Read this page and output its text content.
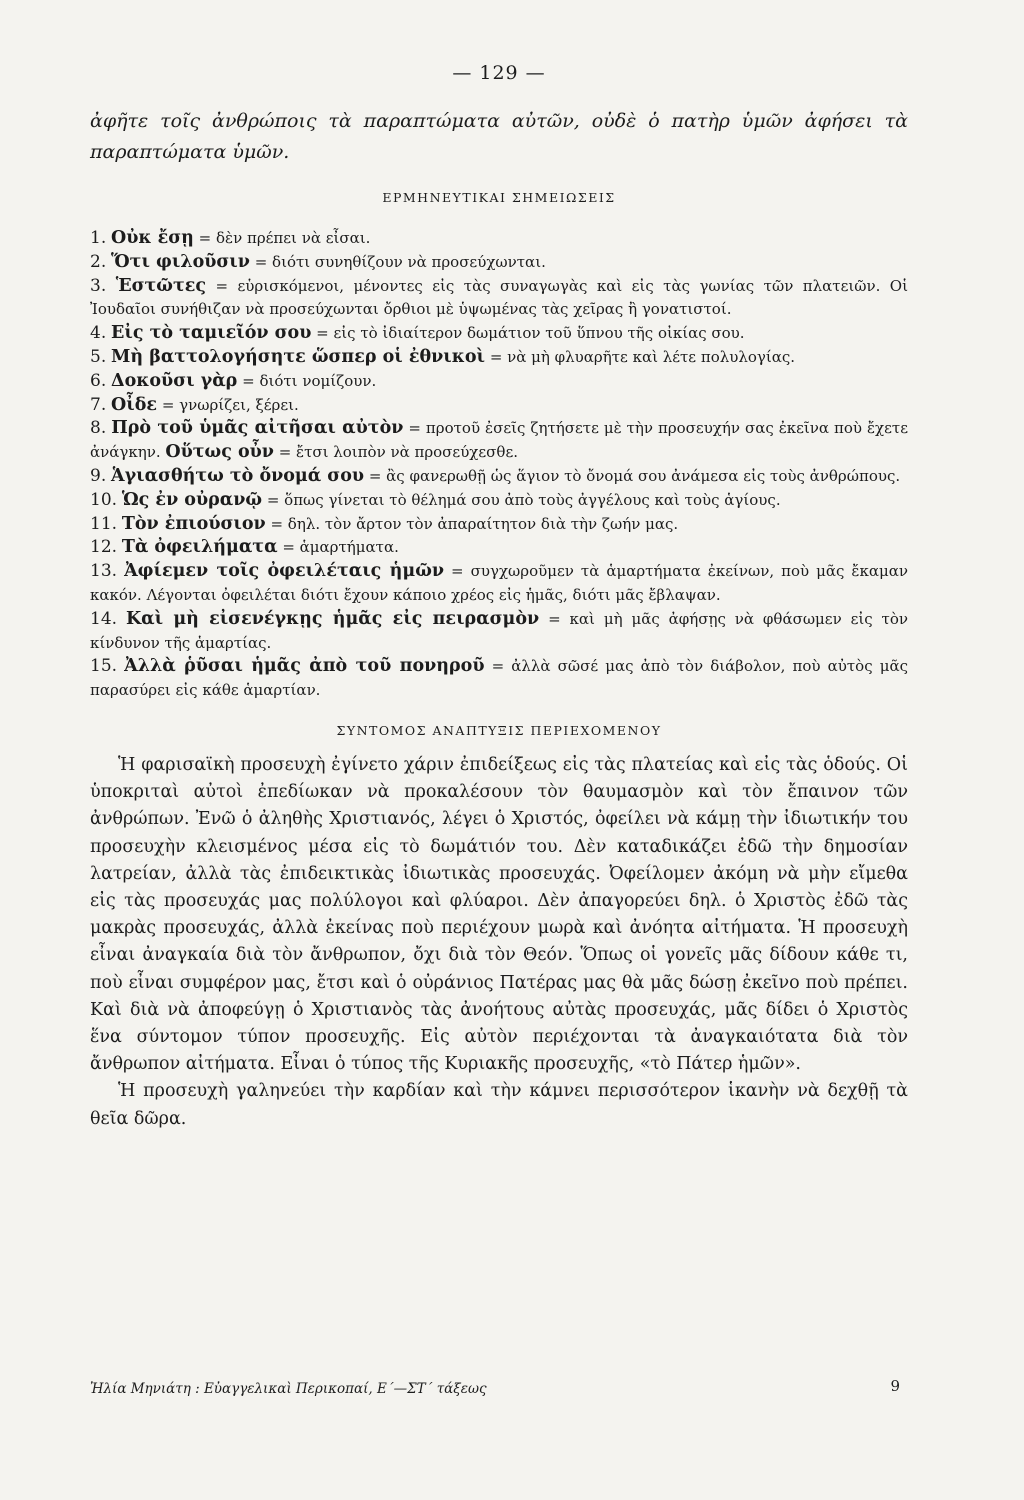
— 129 —
ἀφῆτε τοῖς ἀνθρώποις τὰ παραπτώματα αὐτῶν, οὐδὲ ὁ πατὴρ ὑμῶν ἀφήσει τὰ παραπτώματα ὑμῶν.
ΕΡΜΗΝΕΥΤΙΚΑΙ ΣΗΜΕΙΩΣΕΙΣ
1. Οὐκ ἔσῃ = δὲν πρέπει νὰ εἶσαι.
2. Ὅτι φιλοῦσιν = διότι συνηθίζουν νὰ προσεύχωνται.
3. Ἑστῶτες = εὑρισκόμενοι, μένοντες εἰς τὰς συναγωγὰς καὶ εἰς τὰς γωνίας τῶν πλατειῶν. Οἱ Ἰουδαῖοι συνήθιζαν νὰ προσεύχωνται ὄρθιοι μὲ ὑψωμένας τὰς χεῖρας ἢ γονατιστοί.
4. Εἰς τὸ ταμιεῖόν σου = εἰς τὸ ἰδιαίτερον δωμάτιον τοῦ ὕπνου τῆς οἰκίας σου.
5. Μὴ βαττολογήσητε ὥσπερ οἱ ἐθνικοὶ = νὰ μὴ φλυαρῆτε καὶ λέτε πολυλογίας.
6. Δοκοῦσι γὰρ = διότι νομίζουν.
7. Οἶδε = γνωρίζει, ξέρει.
8. Πρὸ τοῦ ὑμᾶς αἰτῆσαι αὐτὸν = προτοῦ ἐσεῖς ζητήσετε μὲ τὴν προσευχήν σας ἐκεῖνα ποὺ ἔχετε ἀνάγκην. Οὕτως οὖν = ἔτσι λοιπὸν νὰ προσεύχεσθε.
9. Ἁγιασθήτω τὸ ὄνομά σου = ἂς φανερωθῇ ὡς ἅγιον τὸ ὄνομά σου ἀνάμεσα εἰς τοὺς ἀνθρώπους.
10. Ὡς ἐν οὐρανῷ = ὅπως γίνεται τὸ θέλημά σου ἀπὸ τοὺς ἀγγέλους καὶ τοὺς ἁγίους.
11. Τὸν ἐπιούσιον = δηλ. τὸν ἄρτον τὸν ἀπαραίτητον διὰ τὴν ζωήν μας.
12. Τὰ ὀφειλήματα = ἁμαρτήματα.
13. Ἀφίεμεν τοῖς ὀφειλέταις ἡμῶν = συγχωροῦμεν τὰ ἁμαρτήματα ἐκείνων, ποὺ μᾶς ἔκαμαν κακόν. Λέγονται ὀφειλέται διότι ἔχουν κάποιο χρέος εἰς ἡμᾶς, διότι μᾶς ἔβλαψαν.
14. Καὶ μὴ εἰσενέγκῃς ἡμᾶς εἰς πειρασμὸν = καὶ μὴ μᾶς ἀφήσῃς νὰ φθάσωμεν εἰς τὸν κίνδυνον τῆς ἁμαρτίας.
15. Ἀλλὰ ῥῦσαι ἡμᾶς ἀπὸ τοῦ πονηροῦ = ἀλλὰ σῶσέ μας ἀπὸ τὸν διάβολον, ποὺ αὐτὸς μᾶς παρασύρει εἰς κάθε ἁμαρτίαν.
ΣΥΝΤΟΜΟΣ ΑΝΑΠΤΥΞΙΣ ΠΕΡΙΕΧΟΜΕΝΟΥ

Ἡ φαρισαϊκὴ προσευχὴ ἐγίνετο χάριν ἐπιδείξεως εἰς τὰς πλατείας καὶ εἰς τὰς ὁδούς. Οἱ ὑποκριταὶ αὐτοὶ ἐπεδίωκαν νὰ προκαλέσουν τὸν θαυμασμὸν καὶ τὸν ἔπαινον τῶν ἀνθρώπων. Ἐνῶ ὁ ἀληθὴς Χριστιανός, λέγει ὁ Χριστός, ὀφείλει νὰ κάμῃ τὴν ἰδιωτικήν του προσευχὴν κλεισμένος μέσα εἰς τὸ δωμάτιόν του. Δὲν καταδικάζει ἐδῶ τὴν δημοσίαν λατρείαν, ἀλλὰ τὰς ἐπιδεικτικὰς ἰδιωτικὰς προσευχάς. Ὀφείλομεν ἀκόμη νὰ μὴν εἴμεθα εἰς τὰς προσευχάς μας πολύλογοι καὶ φλύαροι. Δὲν ἀπαγορεύει δηλ. ὁ Χριστὸς ἐδῶ τὰς μακρὰς προσευχάς, ἀλλὰ ἐκείνας ποὺ περιέχουν μωρὰ καὶ ἀνόητα αἰτήματα. Ἡ προσευχὴ εἶναι ἀναγκαία διὰ τὸν ἄνθρωπον, ὄχι διὰ τὸν Θεόν. Ὅπως οἱ γονεῖς μᾶς δίδουν κάθε τι, ποὺ εἶναι συμφέρον μας, ἔτσι καὶ ὁ οὐράνιος Πατέρας μας θὰ μᾶς δώσῃ ἐκεῖνο ποὺ πρέπει. Καὶ διὰ νὰ ἀποφεύγῃ ὁ Χριστιανὸς τὰς ἀνοήτους αὐτὰς προσευχάς, μᾶς δίδει ὁ Χριστὸς ἕνα σύντομον τύπον προσευχῆς. Εἰς αὐτὸν περιέχονται τὰ ἀναγκαιότατα διὰ τὸν ἄνθρωπον αἰτήματα. Εἶναι ὁ τύπος τῆς Κυριακῆς προσευχῆς, «τὸ Πάτερ ἡμῶν».

Ἡ προσευχὴ γαληνεύει τὴν καρδίαν καὶ τὴν κάμνει περισσότερον ἱκανὴν νὰ δεχθῇ τὰ θεῖα δῶρα.

Ἠλία Μηνιάτη : Εὐαγγελικαὶ Περικοπαί, Ε΄—ΣΤ΄ τάξεως	9
